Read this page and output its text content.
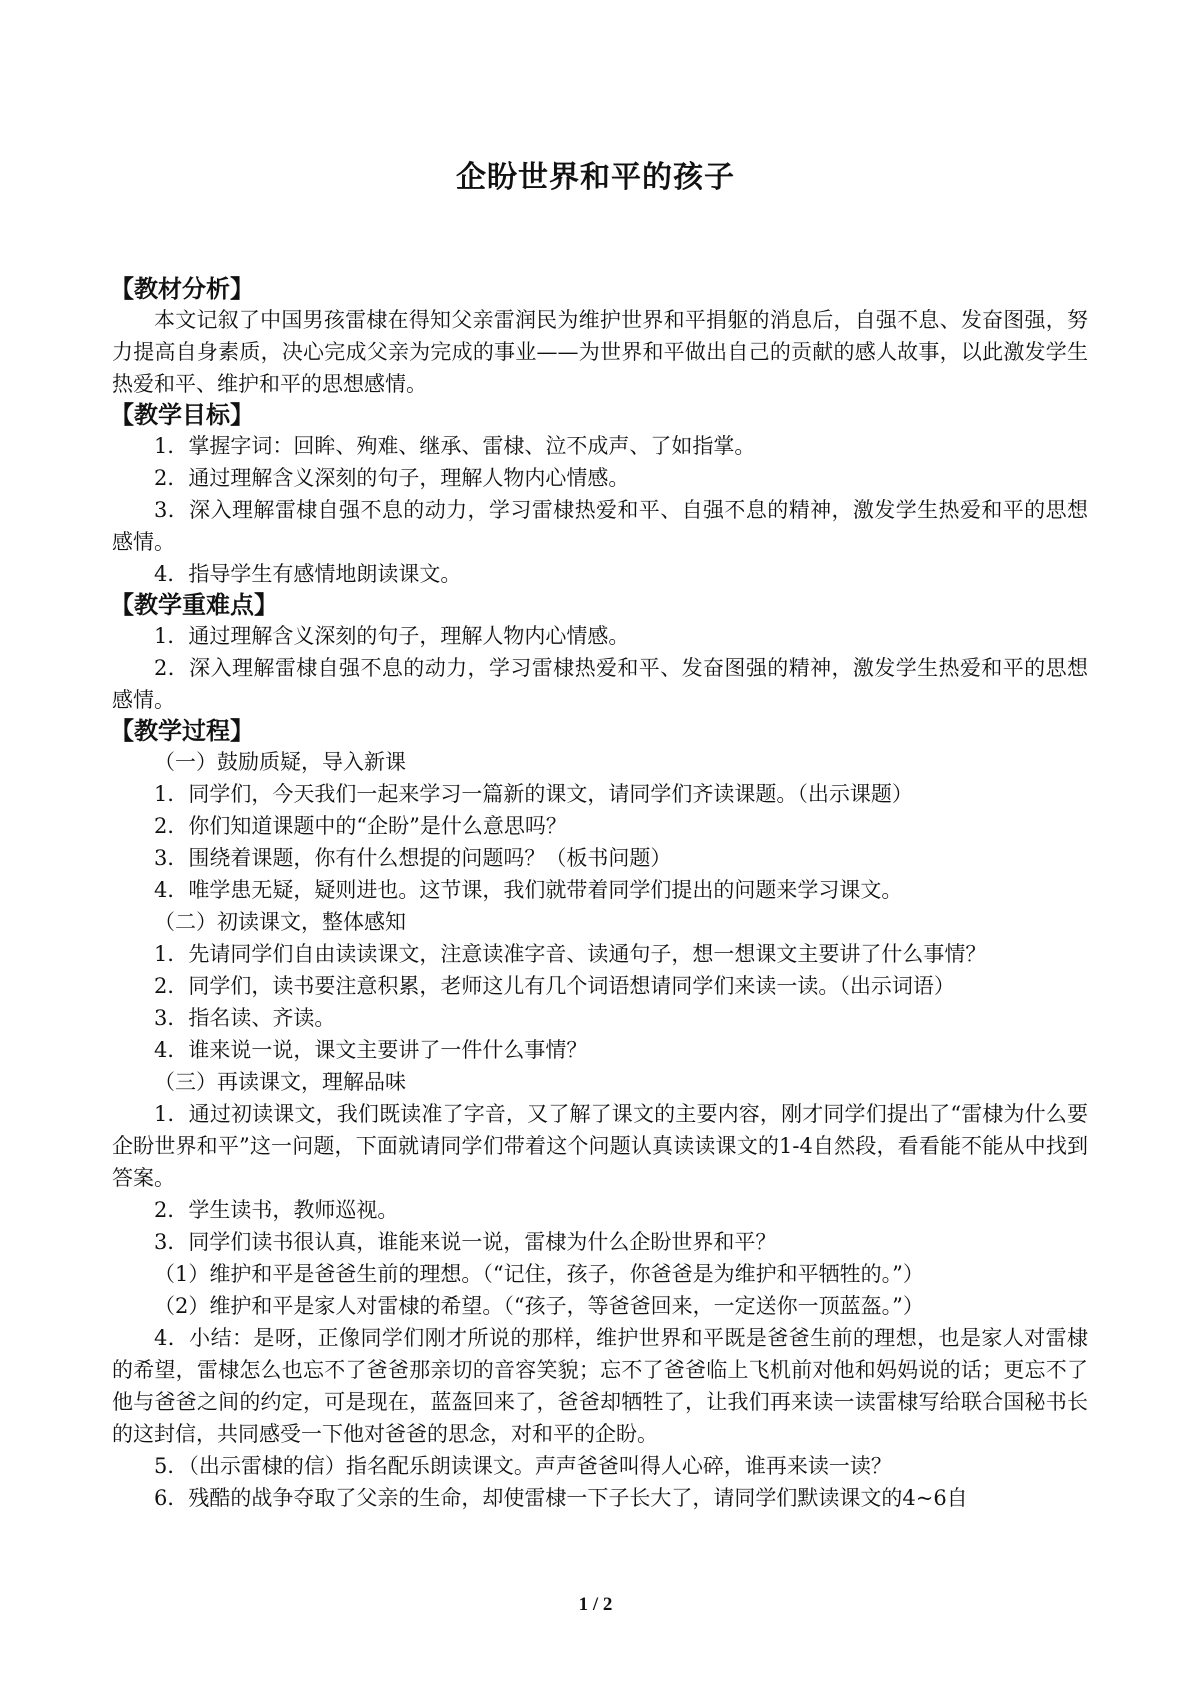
企盼世界和平的孩子
【教材分析】

本文记叙了中国男孩雷棣在得知父亲雷润民为维护世界和平捐躯的消息后，自强不息、发奋图强，努力提高自身素质，决心完成父亲为完成的事业——为世界和平做出自己的贡献的感人故事，以此激发学生热爱和平、维护和平的思想感情。

【教学目标】

1．掌握字词：回眸、殉难、继承、雷棣、泣不成声、了如指掌。

2．通过理解含义深刻的句子，理解人物内心情感。

3．深入理解雷棣自强不息的动力，学习雷棣热爱和平、自强不息的精神，激发学生热爱和平的思想感情。

4．指导学生有感情地朗读课文。

【教学重难点】

1．通过理解含义深刻的句子，理解人物内心情感。

2．深入理解雷棣自强不息的动力，学习雷棣热爱和平、发奋图强的精神，激发学生热爱和平的思想感情。

【教学过程】

（一）鼓励质疑，导入新课

1．同学们，今天我们一起来学习一篇新的课文，请同学们齐读课题。（出示课题）

2．你们知道课题中的“企盼”是什么意思吗？

3．围绕着课题，你有什么想提的问题吗？（板书问题）

4．唯学患无疑，疑则进也。这节课，我们就带着同学们提出的问题来学习课文。

（二）初读课文，整体感知

1．先请同学们自由读读课文，注意读准字音、读通句子，想一想课文主要讲了什么事情？

2．同学们，读书要注意积累，老师这儿有几个词语想请同学们来读一读。（出示词语）

3．指名读、齐读。

4．谁来说一说，课文主要讲了一件什么事情？

（三）再读课文，理解品味

1．通过初读课文，我们既读准了字音，又了解了课文的主要内容，刚才同学们提出了“雷棣为什么要企盼世界和平”这一问题，下面就请同学们带着这个问题认真读读课文的1-4自然段，看看能不能从中找到答案。

2．学生读书，教师巡视。

3．同学们读书很认真，谁能来说一说，雷棣为什么企盼世界和平？

（1）维护和平是爸爸生前的理想。（“记住，孩子，你爸爸是为维护和平牺牲的。”）

（2）维护和平是家人对雷棣的希望。（“孩子，等爸爸回来，一定送你一顶蓝盔。”）

4．小结：是呀，正像同学们刚才所说的那样，维护世界和平既是爸爸生前的理想，也是家人对雷棣的希望，雷棣怎么也忘不了爸爸那亲切的音容笑貌；忘不了爸爸临上飞机前对他和妈妈说的话；更忘不了他与爸爸之间的约定，可是现在，蓝盔回来了，爸爸却牺牲了，让我们再来读一读雷棣写给联合国秘书长的这封信，共同感受一下他对爸爸的思念，对和平的企盼。

5．（出示雷棣的信）指名配乐朗读课文。声声爸爸叫得人心碎，谁再来读一读？

6．残酷的战争夺取了父亲的生命，却使雷棣一下子长大了，请同学们默读课文的4~6自

1 / 2
